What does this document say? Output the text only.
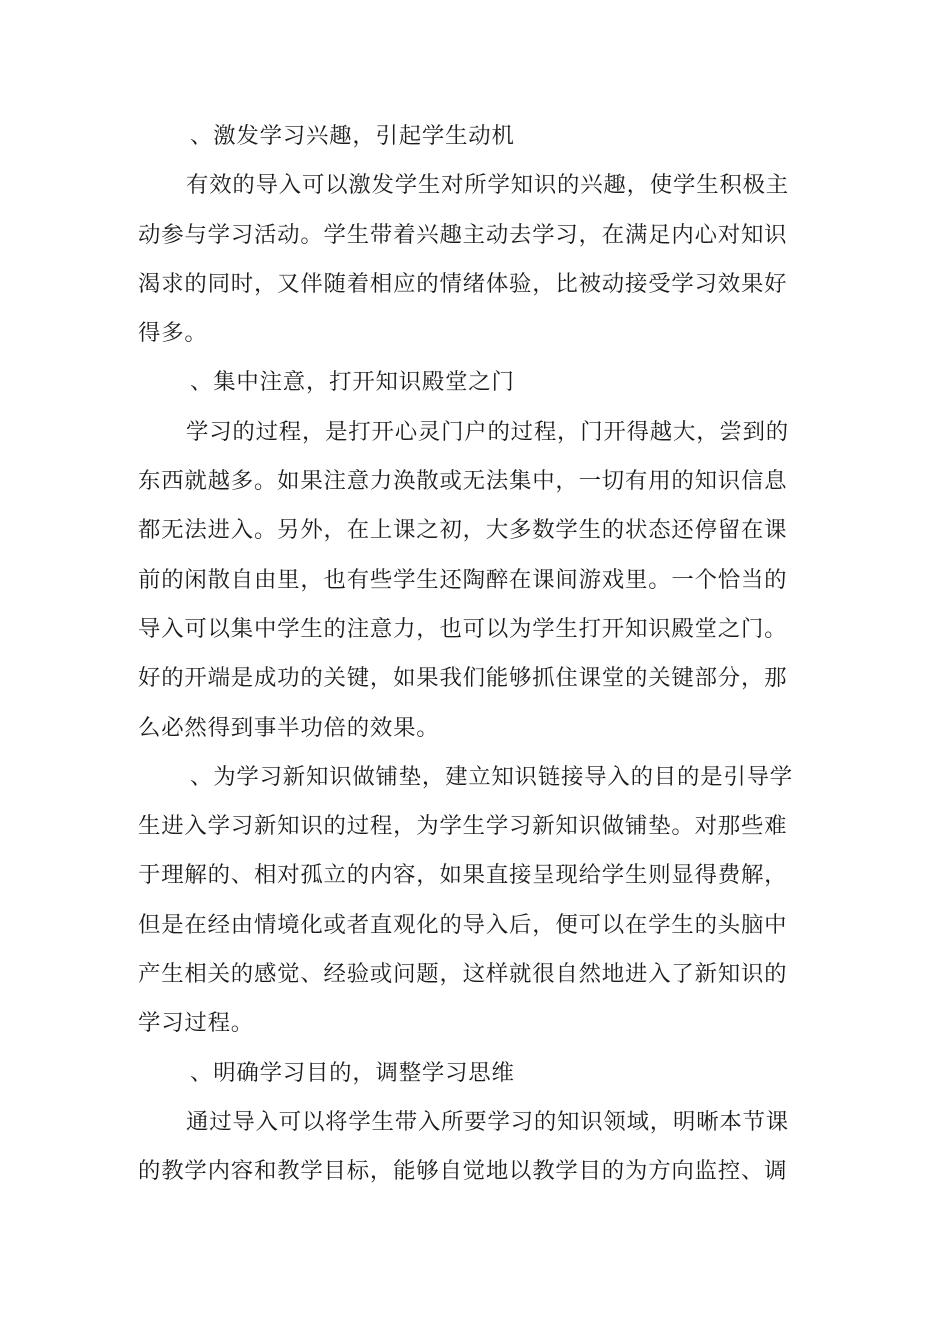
、激发学习兴趣，引起学生动机
有效的导入可以激发学生对所学知识的兴趣，使学生积极主
动参与学习活动。学生带着兴趣主动去学习，在满足内心对知识
渴求的同时，又伴随着相应的情绪体验，比被动接受学习效果好
得多。
、集中注意，打开知识殿堂之门
学习的过程，是打开心灵门户的过程，门开得越大，尝到的
东西就越多。如果注意力涣散或无法集中，一切有用的知识信息
都无法进入。另外，在上课之初，大多数学生的状态还停留在课
前的闲散自由里，也有些学生还陶醉在课间游戏里。一个恰当的
导入可以集中学生的注意力，也可以为学生打开知识殿堂之门。
好的开端是成功的关键，如果我们能够抓住课堂的关键部分，那
么必然得到事半功倍的效果。
、为学习新知识做铺垫，建立知识链接导入的目的是引导学
生进入学习新知识的过程，为学生学习新知识做铺垫。对那些难
于理解的、相对孤立的内容，如果直接呈现给学生则显得费解，
但是在经由情境化或者直观化的导入后，便可以在学生的头脑中
产生相关的感觉、经验或问题，这样就很自然地进入了新知识的
学习过程。
、明确学习目的，调整学习思维
通过导入可以将学生带入所要学习的知识领域，明晰本节课
的教学内容和教学目标，能够自觉地以教学目的为方向监控、调
